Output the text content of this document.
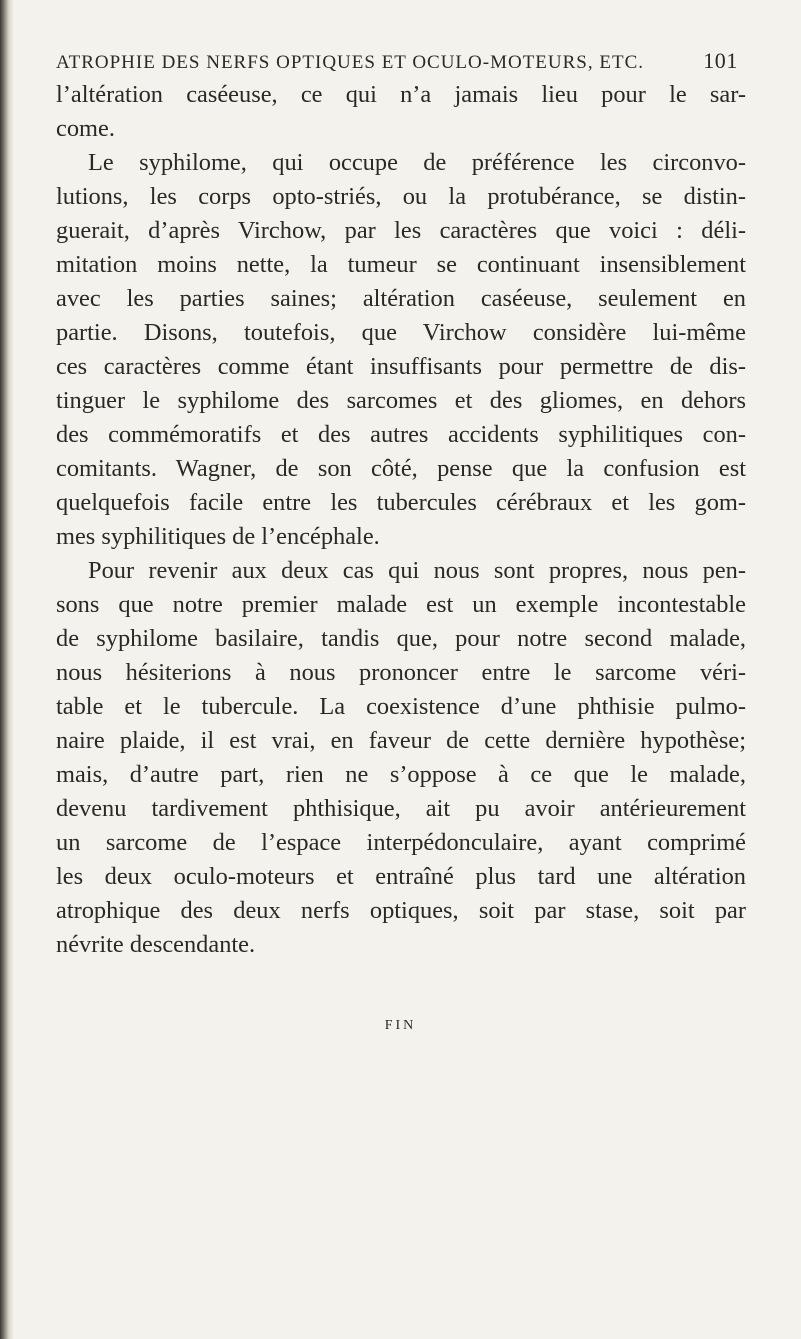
ATROPHIE DES NERFS OPTIQUES ET OCULO-MOTEURS, ETC.	101
l’altération caséeuse, ce qui n’a jamais lieu pour le sar-
come.
Le syphilome, qui occupe de préférence les circonvo-
lutions, les corps opto-striés, ou la protubérance, se distin-
guerait, d’après Virchow, par les caractères que voici : déli-
mitation moins nette, la tumeur se continuant insensiblement
avec les parties saines; altération caséeuse, seulement en
partie. Disons, toutefois, que Virchow considère lui-même
ces caractères comme étant insuffisants pour permettre de dis-
tinguer le syphilome des sarcomes et des gliomes, en dehors
des commémoratifs et des autres accidents syphilitiques con-
comitants. Wagner, de son côté, pense que la confusion est
quelquefois facile entre les tubercules cérébraux et les gom-
mes syphilitiques de l’encéphale.
Pour revenir aux deux cas qui nous sont propres, nous pen-
sons que notre premier malade est un exemple incontestable
de syphilome basilaire, tandis que, pour notre second malade,
nous hésiterions à nous prononcer entre le sarcome véri-
table et le tubercule. La coexistence d’une phthisie pulmo-
naire plaide, il est vrai, en faveur de cette dernière hypothèse;
mais, d’autre part, rien ne s’oppose à ce que le malade,
devenu tardivement phthisique, ait pu avoir antérieurement
un sarcome de l’espace interpédonculaire, ayant comprimé
les deux oculo-moteurs et entraîné plus tard une altération
atrophique des deux nerfs optiques, soit par stase, soit par
névrite descendante.
FIN
